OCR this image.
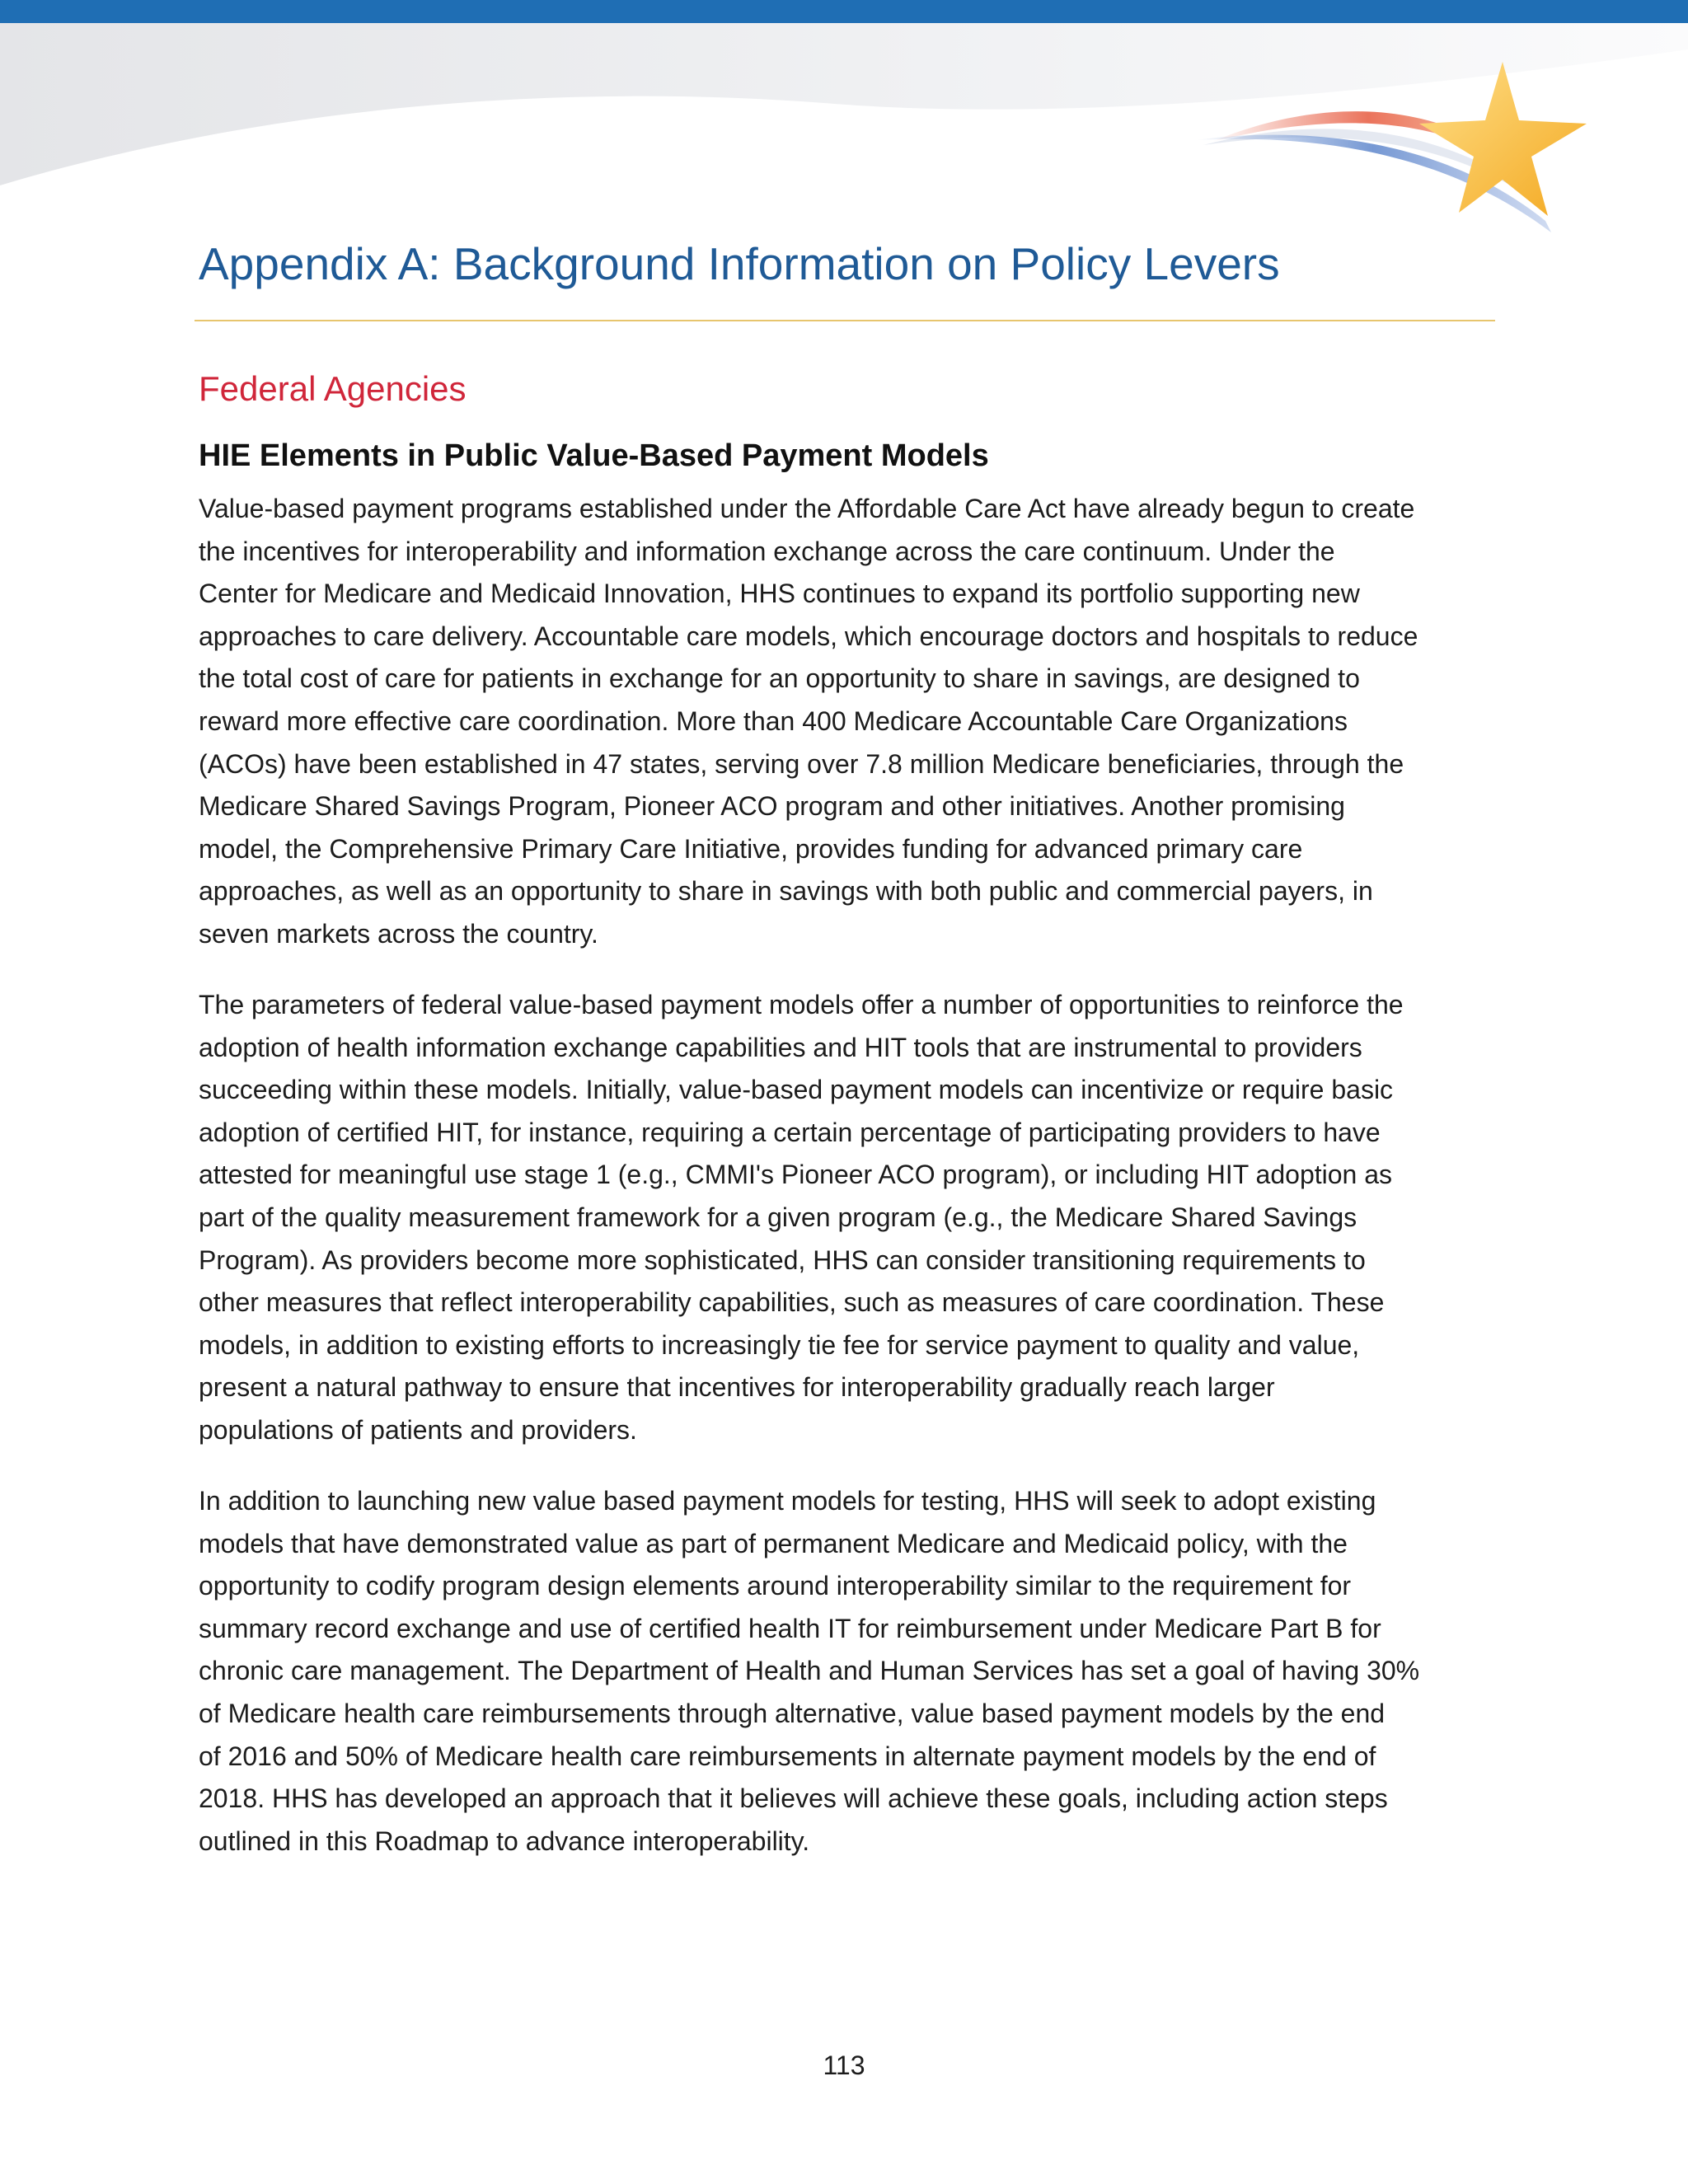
Appendix A: Background Information on Policy Levers
Federal Agencies
HIE Elements in Public Value-Based Payment Models
Value-based payment programs established under the Affordable Care Act have already begun to create
the incentives for interoperability and information exchange across the care continuum. Under the
Center for Medicare and Medicaid Innovation, HHS continues to expand its portfolio supporting new
approaches to care delivery. Accountable care models, which encourage doctors and hospitals to reduce
the total cost of care for patients in exchange for an opportunity to share in savings, are designed to
reward more effective care coordination. More than 400 Medicare Accountable Care Organizations
(ACOs) have been established in 47 states, serving over 7.8 million Medicare beneficiaries, through the
Medicare Shared Savings Program, Pioneer ACO program and other initiatives. Another promising
model, the Comprehensive Primary Care Initiative, provides funding for advanced primary care
approaches, as well as an opportunity to share in savings with both public and commercial payers, in
seven markets across the country.
The parameters of federal value-based payment models offer a number of opportunities to reinforce the
adoption of health information exchange capabilities and HIT tools that are instrumental to providers
succeeding within these models. Initially, value-based payment models can incentivize or require basic
adoption of certified HIT, for instance, requiring a certain percentage of participating providers to have
attested for meaningful use stage 1 (e.g., CMMI's Pioneer ACO program), or including HIT adoption as
part of the quality measurement framework for a given program (e.g., the Medicare Shared Savings
Program). As providers become more sophisticated, HHS can consider transitioning requirements to
other measures that reflect interoperability capabilities, such as measures of care coordination. These
models, in addition to existing efforts to increasingly tie fee for service payment to quality and value,
present a natural pathway to ensure that incentives for interoperability gradually reach larger
populations of patients and providers.
In addition to launching new value based payment models for testing, HHS will seek to adopt existing
models that have demonstrated value as part of permanent Medicare and Medicaid policy, with the
opportunity to codify program design elements around interoperability similar to the requirement for
summary record exchange and use of certified health IT for reimbursement under Medicare Part B for
chronic care management. The Department of Health and Human Services has set a goal of having 30%
of Medicare health care reimbursements through alternative, value based payment models by the end
of 2016 and 50% of Medicare health care reimbursements in alternate payment models by the end of
2018. HHS has developed an approach that it believes will achieve these goals, including action steps
outlined in this Roadmap to advance interoperability.
113
